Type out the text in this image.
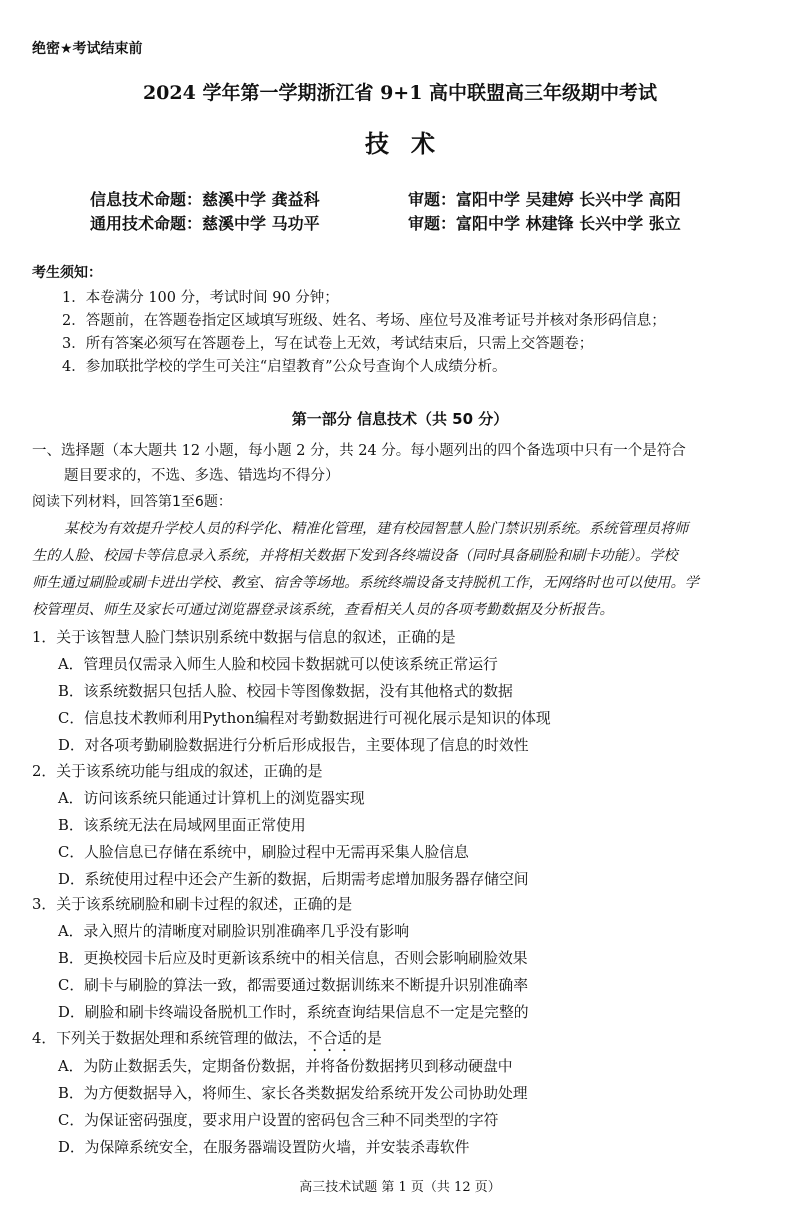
绝密★考试结束前
2024 学年第一学期浙江省 9+1 高中联盟高三年级期中考试
技术
信息技术命题：慈溪中学 龚益科	审题：富阳中学 吴建婷 长兴中学 高阳
通用技术命题：慈溪中学 马功平	审题：富阳中学 林建锋 长兴中学 张立
考生须知：
1．本卷满分 100 分，考试时间 90 分钟；
2．答题前，在答题卷指定区域填写班级、姓名、考场、座位号及准考证号并核对条形码信息；
3．所有答案必须写在答题卷上，写在试卷上无效，考试结束后，只需上交答题卷；
4．参加联批学校的学生可关注“启望教育”公众号查询个人成绩分析。
第一部分 信息技术（共 50 分）
一、选择题（本大题共 12 小题，每小题 2 分，共 24 分。每小题列出的四个备选项中只有一个是符合
题目要求的，不选、多选、错选均不得分）
阅读下列材料，回答第1至6题：
某校为有效提升学校人员的科学化、精准化管理，建有校园智慧人脸门禁识别系统。系统管理员将师
生的人脸、校园卡等信息录入系统，并将相关数据下发到各终端设备（同时具备刷脸和刷卡功能）。学校
师生通过刷脸或刷卡进出学校、教室、宿舍等场地。系统终端设备支持脱机工作，无网络时也可以使用。学
校管理员、师生及家长可通过浏览器登录该系统，查看相关人员的各项考勤数据及分析报告。
1．关于该智慧人脸门禁识别系统中数据与信息的叙述，正确的是
A．管理员仅需录入师生人脸和校园卡数据就可以使该系统正常运行
B．该系统数据只包括人脸、校园卡等图像数据，没有其他格式的数据
C．信息技术教师利用Python编程对考勤数据进行可视化展示是知识的体现
D．对各项考勤刷脸数据进行分析后形成报告，主要体现了信息的时效性
2．关于该系统功能与组成的叙述，正确的是
A．访问该系统只能通过计算机上的浏览器实现
B．该系统无法在局域网里面正常使用
C．人脸信息已存储在系统中，刷脸过程中无需再采集人脸信息
D．系统使用过程中还会产生新的数据，后期需考虑增加服务器存储空间
3．关于该系统刷脸和刷卡过程的叙述，正确的是
A．录入照片的清晰度对刷脸识别准确率几乎没有影响
B．更换校园卡后应及时更新该系统中的相关信息，否则会影响刷脸效果
C．刷卡与刷脸的算法一致，都需要通过数据训练来不断提升识别准确率
D．刷脸和刷卡终端设备脱机工作时，系统查询结果信息不一定是完整的
4．下列关于数据处理和系统管理的做法，不合适的是
A．为防止数据丢失，定期备份数据，并将备份数据拷贝到移动硬盘中
B．为方便数据导入，将师生、家长各类数据发给系统开发公司协助处理
C．为保证密码强度，要求用户设置的密码包含三种不同类型的字符
D．为保障系统安全，在服务器端设置防火墙，并安装杀毒软件
高三技术试题 第 1 页（共 12 页）
